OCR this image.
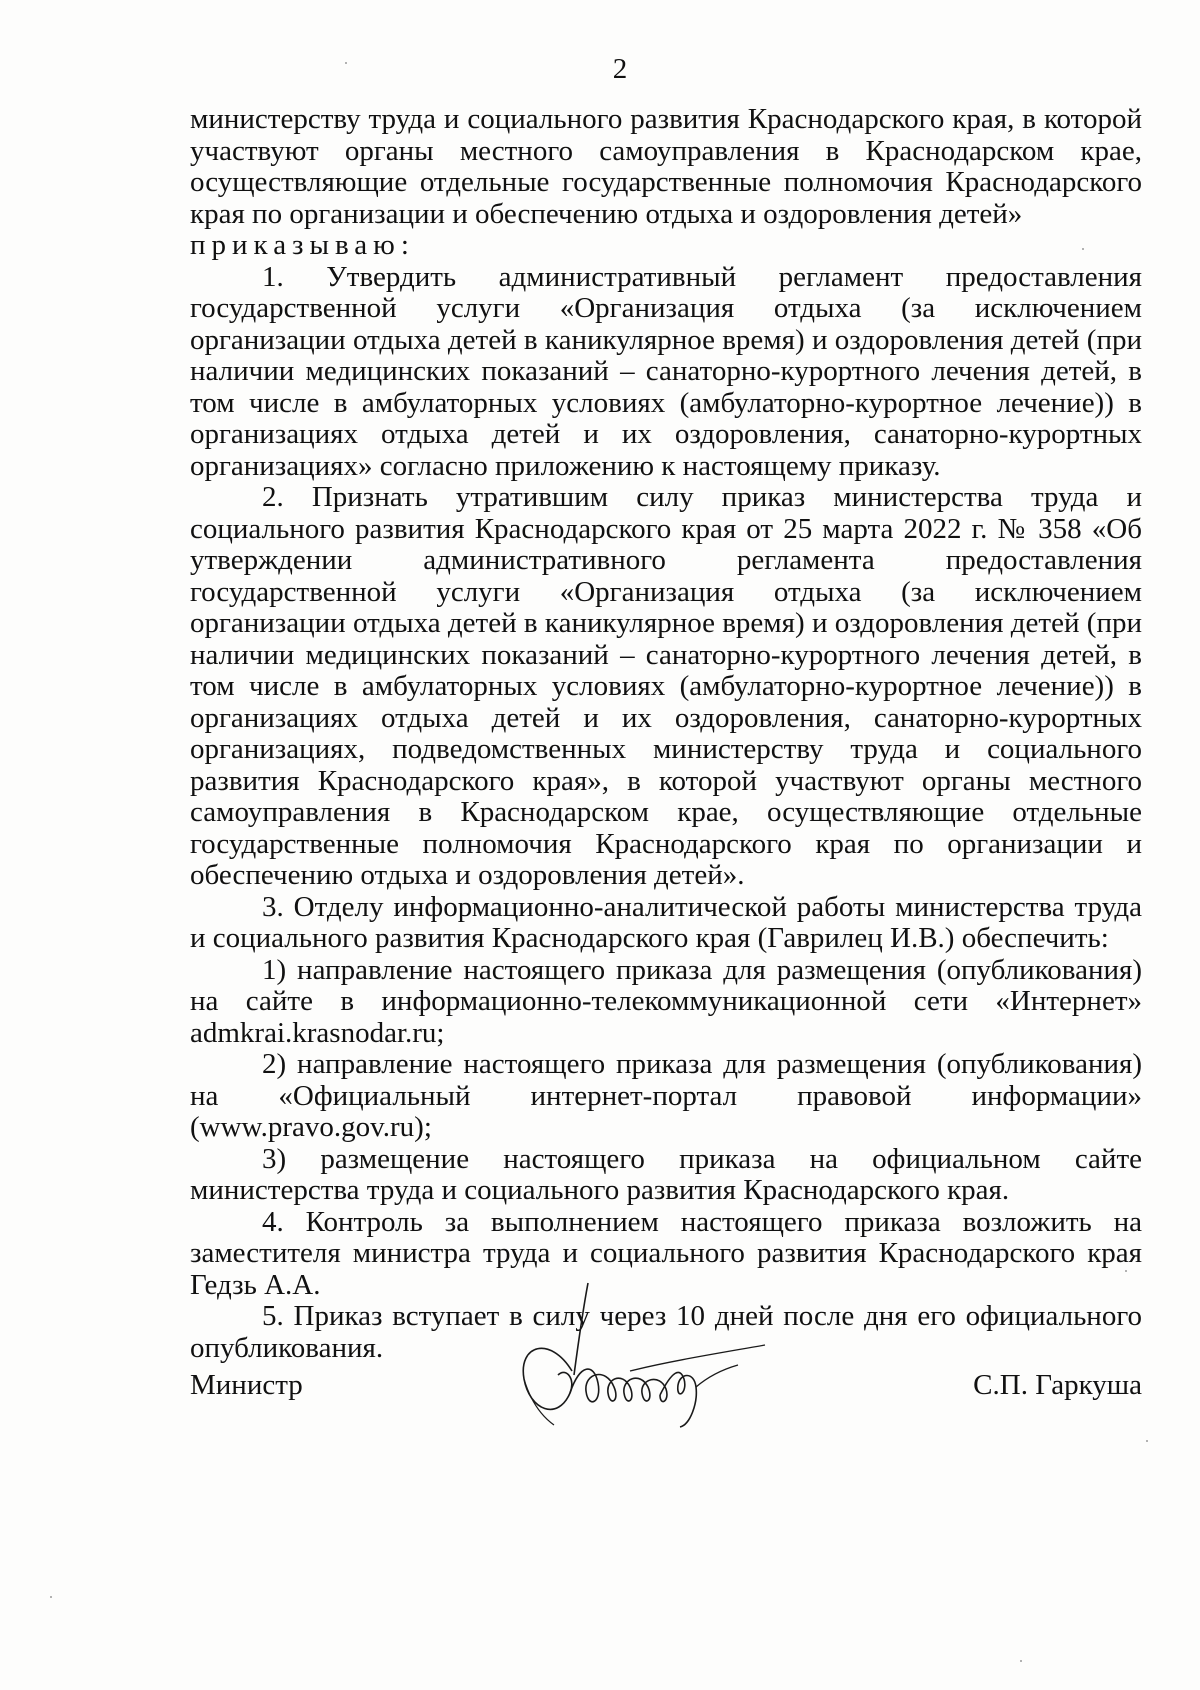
2

министерству труда и социального развития Краснодарского края, в которой участвуют органы местного самоуправления в Краснодарском крае, осуществляющие отдельные государственные полномочия Краснодарского края по организации и обеспечению отдыха и оздоровления детей»

приказываю:

1. Утвердить административный регламент предоставления государственной услуги «Организация отдыха (за исключением организации отдыха детей в каникулярное время) и оздоровления детей (при наличии медицинских показаний – санаторно-курортного лечения детей, в том числе в амбулаторных условиях (амбулаторно-курортное лечение)) в организациях отдыха детей и их оздоровления, санаторно-курортных организациях» согласно приложению к настоящему приказу.

2. Признать утратившим силу приказ министерства труда и социального развития Краснодарского края от 25 марта 2022 г. № 358 «Об утверждении административного регламента предоставления государственной услуги «Организация отдыха (за исключением организации отдыха детей в каникулярное время) и оздоровления детей (при наличии медицинских показаний – санаторно-курортного лечения детей, в том числе в амбулаторных условиях (амбулаторно-курортное лечение)) в организациях отдыха детей и их оздоровления, санаторно-курортных организациях, подведомственных министерству труда и социального развития Краснодарского края», в которой участвуют органы местного самоуправления в Краснодарском крае, осуществляющие отдельные государственные полномочия Краснодарского края по организации и обеспечению отдыха и оздоровления детей».

3. Отделу информационно-аналитической работы министерства труда и социального развития Краснодарского края (Гаврилец И.В.) обеспечить:

1) направление настоящего приказа для размещения (опубликования) на сайте в информационно-телекоммуникационной сети «Интернет» admkrai.krasnodar.ru;

2) направление настоящего приказа для размещения (опубликования) на «Официальный интернет-портал правовой информации» (www.pravo.gov.ru);

3) размещение настоящего приказа на официальном сайте министерства труда и социального развития Краснодарского края.

4. Контроль за выполнением настоящего приказа возложить на заместителя министра труда и социального развития Краснодарского края Гедзь А.А.

5. Приказ вступает в силу через 10 дней после дня его официального опубликования.

Министр	С.П. Гаркуша
